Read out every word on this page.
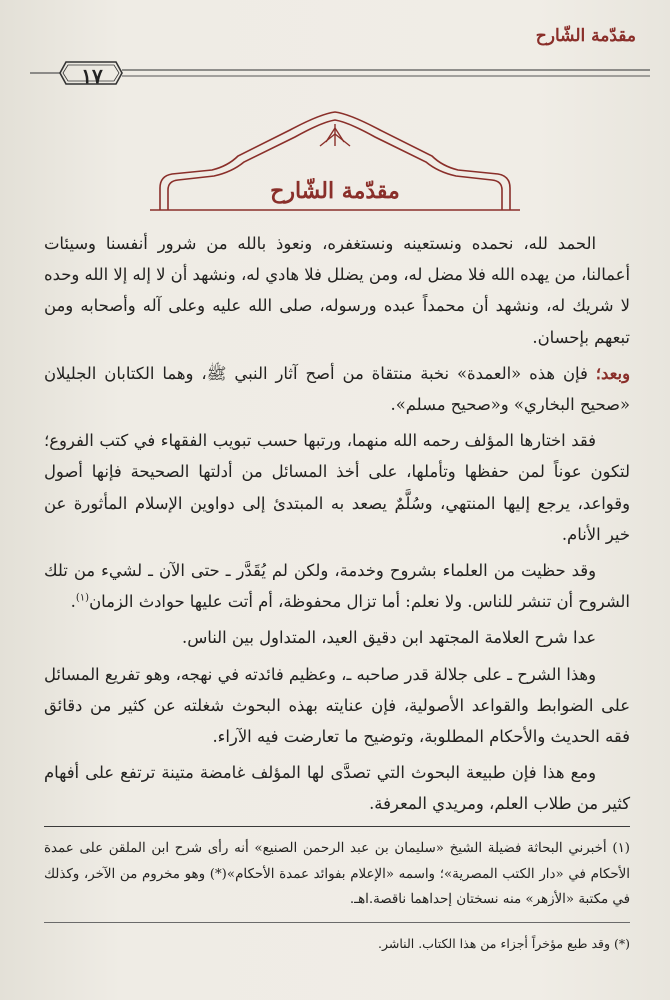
مقدّمة الشّارح
١٧
مقدّمة الشّارح

الحمد لله، نحمده ونستعينه ونستغفره، ونعوذ بالله من شرور أنفسنا وسيئات أعمالنا، من يهده الله فلا مضل له، ومن يضلل فلا هادي له، ونشهد أن لا إله إلا الله وحده لا شريك له، ونشهد أن محمداً عبده ورسوله، صلى الله عليه وعلى آله وأصحابه ومن تبعهم بإحسان.

وبعد؛ فإن هذه «العمدة» نخبة منتقاة من أصح آثار النبي ﷺ، وهما الكتابان الجليلان «صحيح البخاري» و«صحيح مسلم».

فقد اختارها المؤلف رحمه الله منهما، ورتبها حسب تبويب الفقهاء في كتب الفروع؛ لتكون عوناً لمن حفظها وتأملها، على أخذ المسائل من أدلتها الصحيحة فإنها أصول وقواعد، يرجع إليها المنتهي، وسُلَّمٌ يصعد به المبتدئ إلى دواوين الإسلام المأثورة عن خير الأنام.

وقد حظيت من العلماء بشروح وخدمة، ولكن لم يُقَدَّر ـ حتى الآن ـ لشيء من تلك الشروح أن تنشر للناس. ولا نعلم: أما تزال محفوظة، أم أتت عليها حوادث الزمان$^{(١)}$.

عدا شرح العلامة المجتهد ابن دقيق العيد، المتداول بين الناس.

وهذا الشرح ـ على جلالة قدر صاحبه ـ، وعظيم فائدته في نهجه، وهو تفريع المسائل على الضوابط والقواعد الأصولية، فإن عنايته بهذه البحوث شغلته عن كثير من دقائق فقه الحديث والأحكام المطلوبة، وتوضيح ما تعارضت فيه الآراء.

ومع هذا فإن طبيعة البحوث التي تصدَّى لها المؤلف غامضة متينة ترتفع على أفهام كثير من طلاب العلم، ومريدي المعرفة.

(١) أخبرني البحاثة فضيلة الشيخ «سليمان بن عبد الرحمن الصنيع» أنه رأى شرح ابن الملقن على عمدة الأحكام في «دار الكتب المصرية»؛ واسمه «الإعلام بفوائد عمدة الأحكام»(*) وهو مخروم من الآخر، وكذلك في مكتبة «الأزهر» منه نسختان إحداهما ناقصة.اهـ.

(*) وقد طبع مؤخراً أجزاء من هذا الكتاب. الناشر.
